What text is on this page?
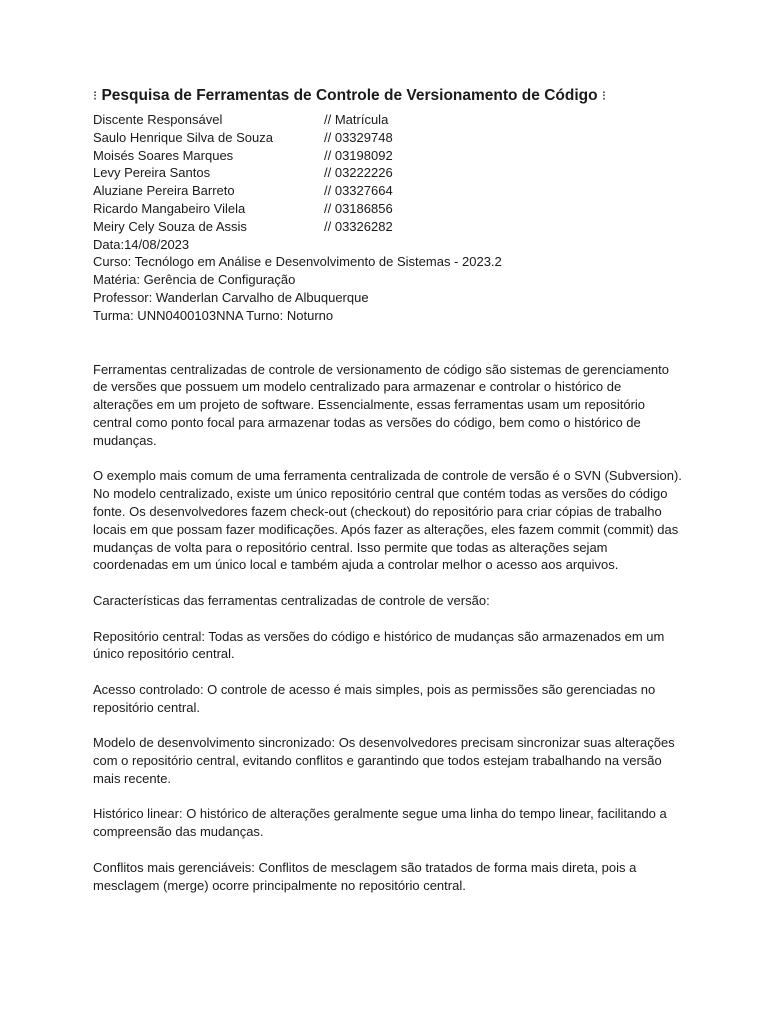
⁝ Pesquisa de Ferramentas de Controle de Versionamento de Código ⁝
Discente Responsável	// Matrícula
Saulo Henrique Silva de Souza	// 03329748
Moisés Soares Marques	// 03198092
Levy Pereira Santos	// 03222226
Aluziane Pereira Barreto	// 03327664
Ricardo Mangabeiro Vilela	// 03186856
Meiry Cely Souza de Assis	// 03326282
Data:14/08/2023
Curso: Tecnólogo em Análise e Desenvolvimento de Sistemas - 2023.2
Matéria: Gerência de Configuração
Professor: Wanderlan Carvalho de Albuquerque
Turma: UNN0400103NNA Turno: Noturno

Ferramentas centralizadas de controle de versionamento de código são sistemas de gerenciamento de versões que possuem um modelo centralizado para armazenar e controlar o histórico de alterações em um projeto de software. Essencialmente, essas ferramentas usam um repositório central como ponto focal para armazenar todas as versões do código, bem como o histórico de mudanças.

O exemplo mais comum de uma ferramenta centralizada de controle de versão é o SVN (Subversion). No modelo centralizado, existe um único repositório central que contém todas as versões do código fonte. Os desenvolvedores fazem check-out (checkout) do repositório para criar cópias de trabalho locais em que possam fazer modificações. Após fazer as alterações, eles fazem commit (commit) das mudanças de volta para o repositório central. Isso permite que todas as alterações sejam coordenadas em um único local e também ajuda a controlar melhor o acesso aos arquivos.

Características das ferramentas centralizadas de controle de versão:

Repositório central: Todas as versões do código e histórico de mudanças são armazenados em um único repositório central.

Acesso controlado: O controle de acesso é mais simples, pois as permissões são gerenciadas no repositório central.

Modelo de desenvolvimento sincronizado: Os desenvolvedores precisam sincronizar suas alterações com o repositório central, evitando conflitos e garantindo que todos estejam trabalhando na versão mais recente.

Histórico linear: O histórico de alterações geralmente segue uma linha do tempo linear, facilitando a compreensão das mudanças.

Conflitos mais gerenciáveis: Conflitos de mesclagem são tratados de forma mais direta, pois a mesclagem (merge) ocorre principalmente no repositório central.
